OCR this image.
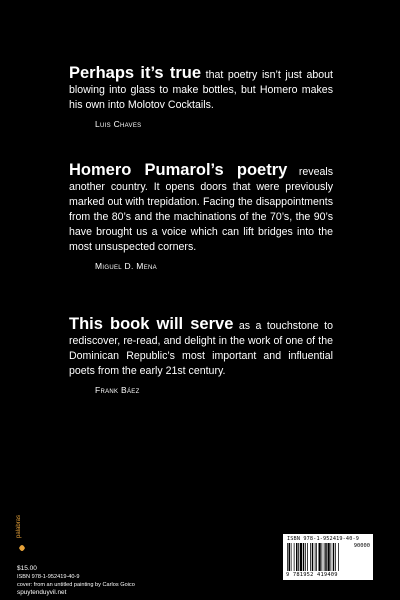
Perhaps it’s true that poetry isn’t just about blowing into glass to make bottles, but Homero makes his own into Molotov Cocktails.
Luis Chaves
Homero Pumarol’s poetry reveals another country. It opens doors that were previously marked out with trepidation. Facing the disappointments from the 80’s and the machinations of the 70’s, the 90’s have brought us a voice which can lift bridges into the most unsuspected corners.
Miguel D. Mena
This book will serve as a touchstone to rediscover, re-read, and delight in the work of one of the Dominican Republic’s most important and influential poets from the early 21st century.
Frank Báez
palabras
$15.00
ISBN 978-1-952419-40-9
cover: from an untitled painting by Carlos Goico
spuytenduyvil.net
ISBN 978-1-952419-40-9
9 781952 419409
90000
